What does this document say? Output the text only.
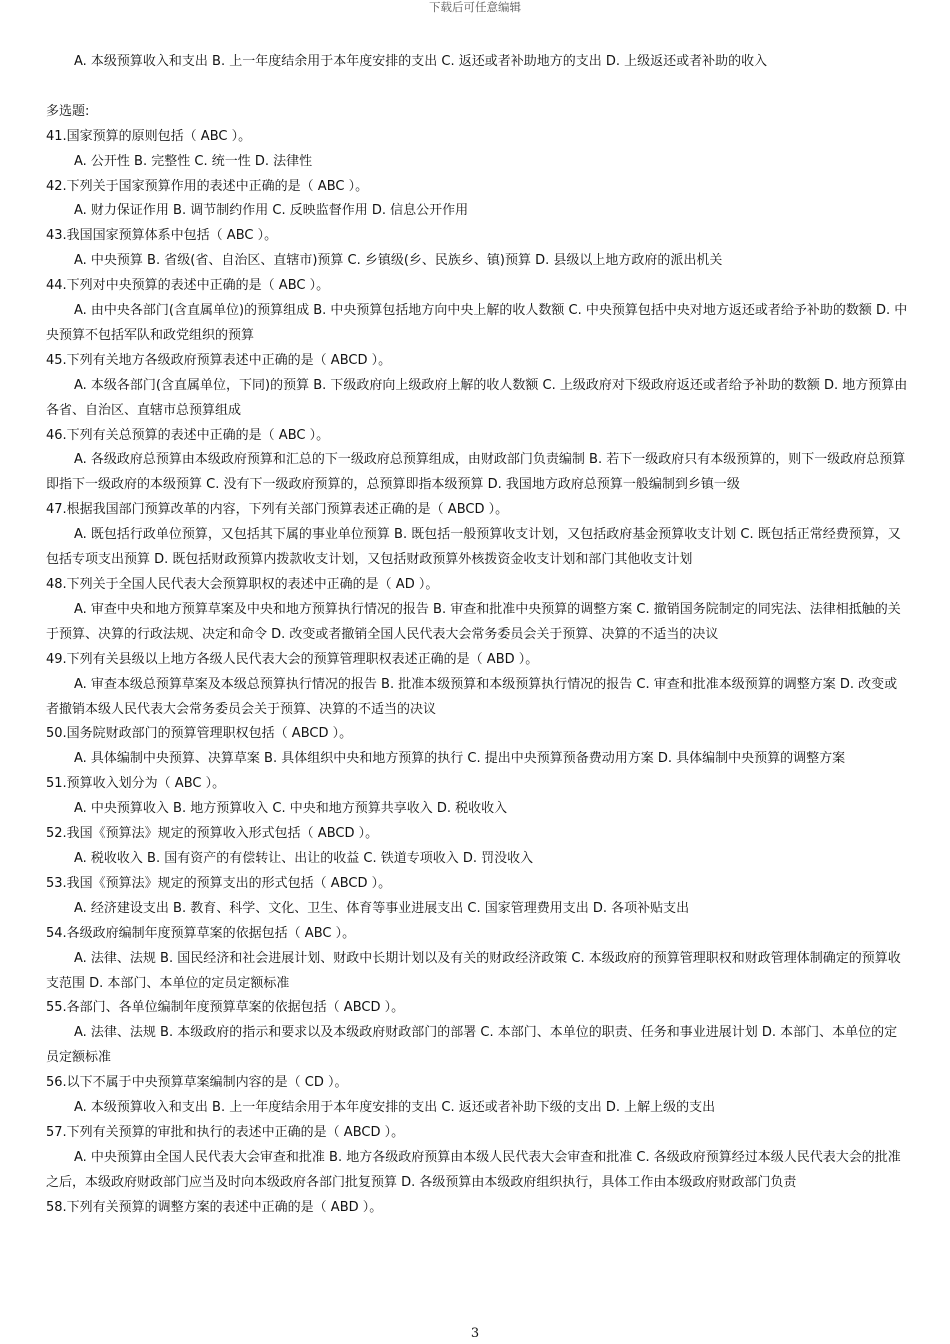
下载后可任意编辑

A. 本级预算收入和支出 B. 上一年度结余用于本年度安排的支出 C. 返还或者补助地方的支出 D. 上级返还或者补助的收入

多选题:

41.国家预算的原则包括（ ABC ）。

A. 公开性 B. 完整性 C. 统一性 D. 法律性

42.下列关于国家预算作用的表述中正确的是（ ABC ）。

A. 财力保证作用 B. 调节制约作用 C. 反映监督作用 D. 信息公开作用

43.我国国家预算体系中包括（ ABC ）。

A. 中央预算 B. 省级(省、自治区、直辖市)预算 C. 乡镇级(乡、民族乡、镇)预算 D. 县级以上地方政府的派出机关

44.下列对中央预算的表述中正确的是（ ABC ）。

A. 由中央各部门(含直属单位)的预算组成 B. 中央预算包括地方向中央上解的收人数额 C. 中央预算包括中央对地方返还或者给予补助的数额 D. 中央预算不包括军队和政党组织的预算

45.下列有关地方各级政府预算表述中正确的是（ ABCD ）。

A. 本级各部门(含直属单位，下同)的预算 B. 下级政府向上级政府上解的收人数额 C. 上级政府对下级政府返还或者给予补助的数额 D. 地方预算由各省、自治区、直辖市总预算组成

46.下列有关总预算的表述中正确的是（ ABC ）。

A. 各级政府总预算由本级政府预算和汇总的下一级政府总预算组成，由财政部门负责编制 B. 若下一级政府只有本级预算的，则下一级政府总预算即指下一级政府的本级预算 C. 没有下一级政府预算的，总预算即指本级预算 D. 我国地方政府总预算一般编制到乡镇一级

47.根据我国部门预算改革的内容，下列有关部门预算表述正确的是（ ABCD ）。

A. 既包括行政单位预算，又包括其下属的事业单位预算 B. 既包括一般预算收支计划，又包括政府基金预算收支计划 C. 既包括正常经费预算，又包括专项支出预算 D. 既包括财政预算内拨款收支计划，又包括财政预算外核拨资金收支计划和部门其他收支计划

48.下列关于全国人民代表大会预算职权的表述中正确的是（ AD ）。

A. 审查中央和地方预算草案及中央和地方预算执行情况的报告 B. 审查和批准中央预算的调整方案 C. 撤销国务院制定的同宪法、法律相抵触的关于预算、决算的行政法规、决定和命令 D. 改变或者撤销全国人民代表大会常务委员会关于预算、决算的不适当的决议

49.下列有关县级以上地方各级人民代表大会的预算管理职权表述正确的是（ ABD ）。

A. 审查本级总预算草案及本级总预算执行情况的报告 B. 批准本级预算和本级预算执行情况的报告 C. 审查和批准本级预算的调整方案 D. 改变或者撤销本级人民代表大会常务委员会关于预算、决算的不适当的决议

50.国务院财政部门的预算管理职权包括（ ABCD ）。

A. 具体编制中央预算、决算草案 B. 具体组织中央和地方预算的执行 C. 提出中央预算预备费动用方案 D. 具体编制中央预算的调整方案

51.预算收入划分为（ ABC ）。

A. 中央预算收入 B. 地方预算收入 C. 中央和地方预算共享收入 D. 税收收入

52.我国《预算法》规定的预算收入形式包括（ ABCD ）。

A. 税收收入 B. 国有资产的有偿转让、出让的收益 C. 铁道专项收入 D. 罚没收入

53.我国《预算法》规定的预算支出的形式包括（ ABCD ）。

A. 经济建设支出 B. 教育、科学、文化、卫生、体育等事业进展支出 C. 国家管理费用支出 D. 各项补贴支出

54.各级政府编制年度预算草案的依据包括（ ABC ）。

A. 法律、法规 B. 国民经济和社会进展计划、财政中长期计划以及有关的财政经济政策 C. 本级政府的预算管理职权和财政管理体制确定的预算收支范围 D. 本部门、本单位的定员定额标准

55.各部门、各单位编制年度预算草案的依据包括（ ABCD ）。

A. 法律、法规 B. 本级政府的指示和要求以及本级政府财政部门的部署 C. 本部门、本单位的职责、任务和事业进展计划 D. 本部门、本单位的定员定额标准

56.以下不属于中央预算草案编制内容的是（ CD ）。

A. 本级预算收入和支出 B. 上一年度结余用于本年度安排的支出 C. 返还或者补助下级的支出 D. 上解上级的支出

57.下列有关预算的审批和执行的表述中正确的是（ ABCD ）。

A. 中央预算由全国人民代表大会审查和批准 B. 地方各级政府预算由本级人民代表大会审查和批准 C. 各级政府预算经过本级人民代表大会的批准之后，本级政府财政部门应当及时向本级政府各部门批复预算 D. 各级预算由本级政府组织执行，具体工作由本级政府财政部门负责

58.下列有关预算的调整方案的表述中正确的是（ ABD ）。

3
